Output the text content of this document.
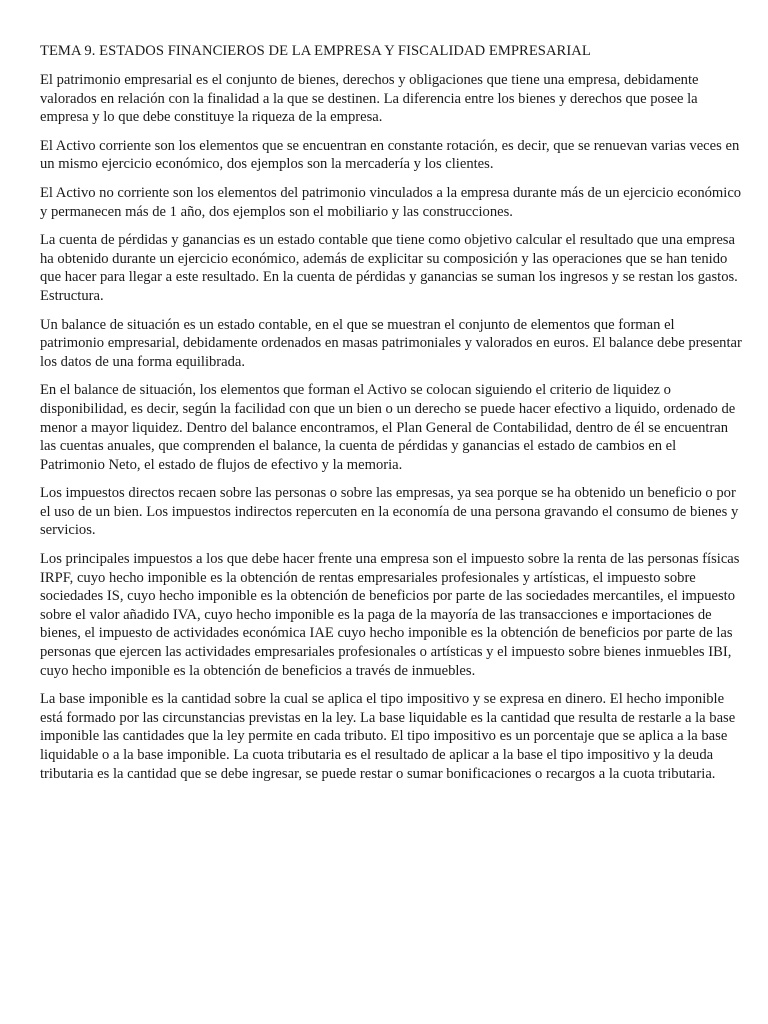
TEMA 9. ESTADOS FINANCIEROS DE LA EMPRESA Y FISCALIDAD EMPRESARIAL

El patrimonio empresarial es el conjunto de bienes, derechos y obligaciones que tiene una empresa, debidamente valorados en relación con la finalidad a la que se destinen. La diferencia entre los bienes y derechos que posee la empresa y lo que debe constituye la riqueza de la empresa.

El Activo corriente son los elementos que se encuentran en constante rotación, es decir, que se renuevan varias veces en un mismo ejercicio económico, dos ejemplos son la mercadería y los clientes.

El Activo no corriente son los elementos del patrimonio vinculados a la empresa durante más de un ejercicio económico y permanecen más de 1 año, dos ejemplos son el mobiliario y las construcciones.

La cuenta de pérdidas y ganancias es un estado contable que tiene como objetivo calcular el resultado que una empresa ha obtenido durante un ejercicio económico, además de explicitar su composición y las operaciones que se han tenido que hacer para llegar a este resultado. En la cuenta de pérdidas y ganancias se suman los ingresos y se restan los gastos. Estructura.

Un balance de situación es un estado contable, en el que se muestran el conjunto de elementos que forman el patrimonio empresarial, debidamente ordenados en masas patrimoniales y valorados en euros. El balance debe presentar los datos de una forma equilibrada.

En el balance de situación, los elementos que forman el Activo se colocan siguiendo el criterio de liquidez o disponibilidad, es decir, según la facilidad con que un bien o un derecho se puede hacer efectivo a liquido, ordenado de menor a mayor liquidez. Dentro del balance encontramos, el Plan General de Contabilidad, dentro de él se encuentran las cuentas anuales, que comprenden el balance, la cuenta de pérdidas y ganancias el estado de cambios en el Patrimonio Neto, el estado de flujos de efectivo y la memoria.

Los impuestos directos recaen sobre las personas o sobre las empresas, ya sea porque se ha obtenido un beneficio o por el uso de un bien. Los impuestos indirectos repercuten en la economía de una persona gravando el consumo de bienes y servicios.

Los principales impuestos a los que debe hacer frente una empresa son el impuesto sobre la renta de las personas físicas IRPF, cuyo hecho imponible es la obtención de rentas empresariales profesionales y artísticas, el impuesto sobre sociedades IS, cuyo hecho imponible es la obtención de beneficios por parte de las sociedades mercantiles, el impuesto sobre el valor añadido IVA, cuyo hecho imponible es la paga de la mayoría de las transacciones e importaciones de bienes, el impuesto de actividades económica IAE cuyo hecho imponible es la obtención de beneficios por parte de las personas que ejercen las actividades empresariales profesionales o artísticas y el impuesto sobre bienes inmuebles IBI, cuyo hecho imponible es la obtención de beneficios a través de inmuebles.

La base imponible es la cantidad sobre la cual se aplica el tipo impositivo y se expresa en dinero. El hecho imponible está formado por las circunstancias previstas en la ley. La base liquidable es la cantidad que resulta de restarle a la base imponible las cantidades que la ley permite en cada tributo. El tipo impositivo es un porcentaje que se aplica a la base liquidable o a la base imponible. La cuota tributaria es el resultado de aplicar a la base el tipo impositivo y la deuda tributaria es la cantidad que se debe ingresar, se puede restar o sumar bonificaciones o recargos a la cuota tributaria.
